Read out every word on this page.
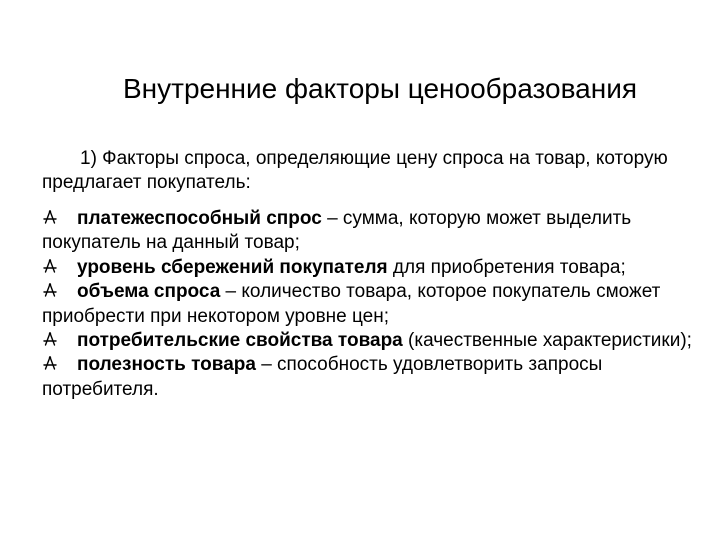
Внутренние факторы ценообразования

1) Факторы спроса, определяющие цену спроса на товар, которую предлагает покупатель:

платежеспособный спрос – сумма, которую может выделить покупатель на данный товар;
уровень сбережений покупателя для приобретения товара;
объема спроса – количество товара, которое покупатель сможет приобрести при некотором уровне цен;
потребительские свойства товара (качественные характеристики);
полезность товара – способность удовлетворить запросы потребителя.
